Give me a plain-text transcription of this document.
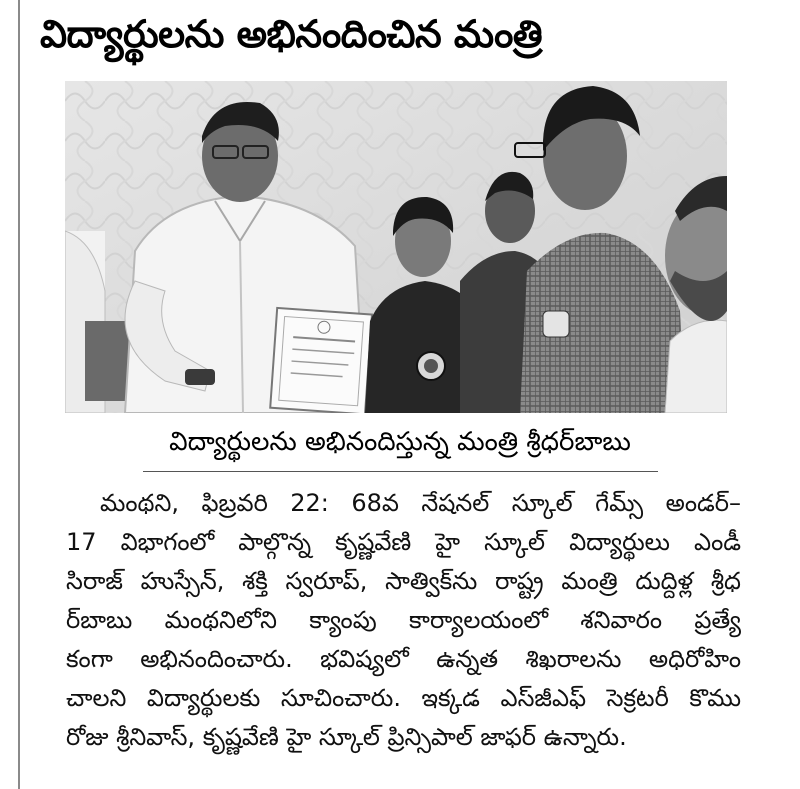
విద్యార్థులను అభినందించిన మంత్రి
విద్యార్థులను అభినందిస్తున్న మంత్రి శ్రీధర్‌బాబు
మంథని, ఫిబ్రవరి 22: 68వ నేషనల్‌ స్కూల్‌ గేమ్స్‌ అండర్‌–
17 విభాగంలో పాల్గొన్న కృష్ణవేణి హై స్కూల్‌ విద్యార్థులు ఎండీ
సిరాజ్‌ హుస్సేన్‌, శక్తి స్వరూప్‌, సాత్విక్‌ను రాష్ట్ర మంత్రి దుద్దిళ్ల శ్రీధ
ర్‌బాబు మంథనిలోని క్యాంపు కార్యాలయంలో శనివారం ప్రత్యే
కంగా అభినందించారు. భవిష్యలో ఉన్నత శిఖరాలను అధిరోహిం
చాలని విద్యార్థులకు సూచించారు. ఇక్కడ ఎస్‌జీఎఫ్‌ సెక్రటరీ కొము
రోజు శ్రీనివాస్‌, కృష్ణవేణి హై స్కూల్‌ ప్రిన్సిపాల్‌ జాఫర్‌ ఉన్నారు.
